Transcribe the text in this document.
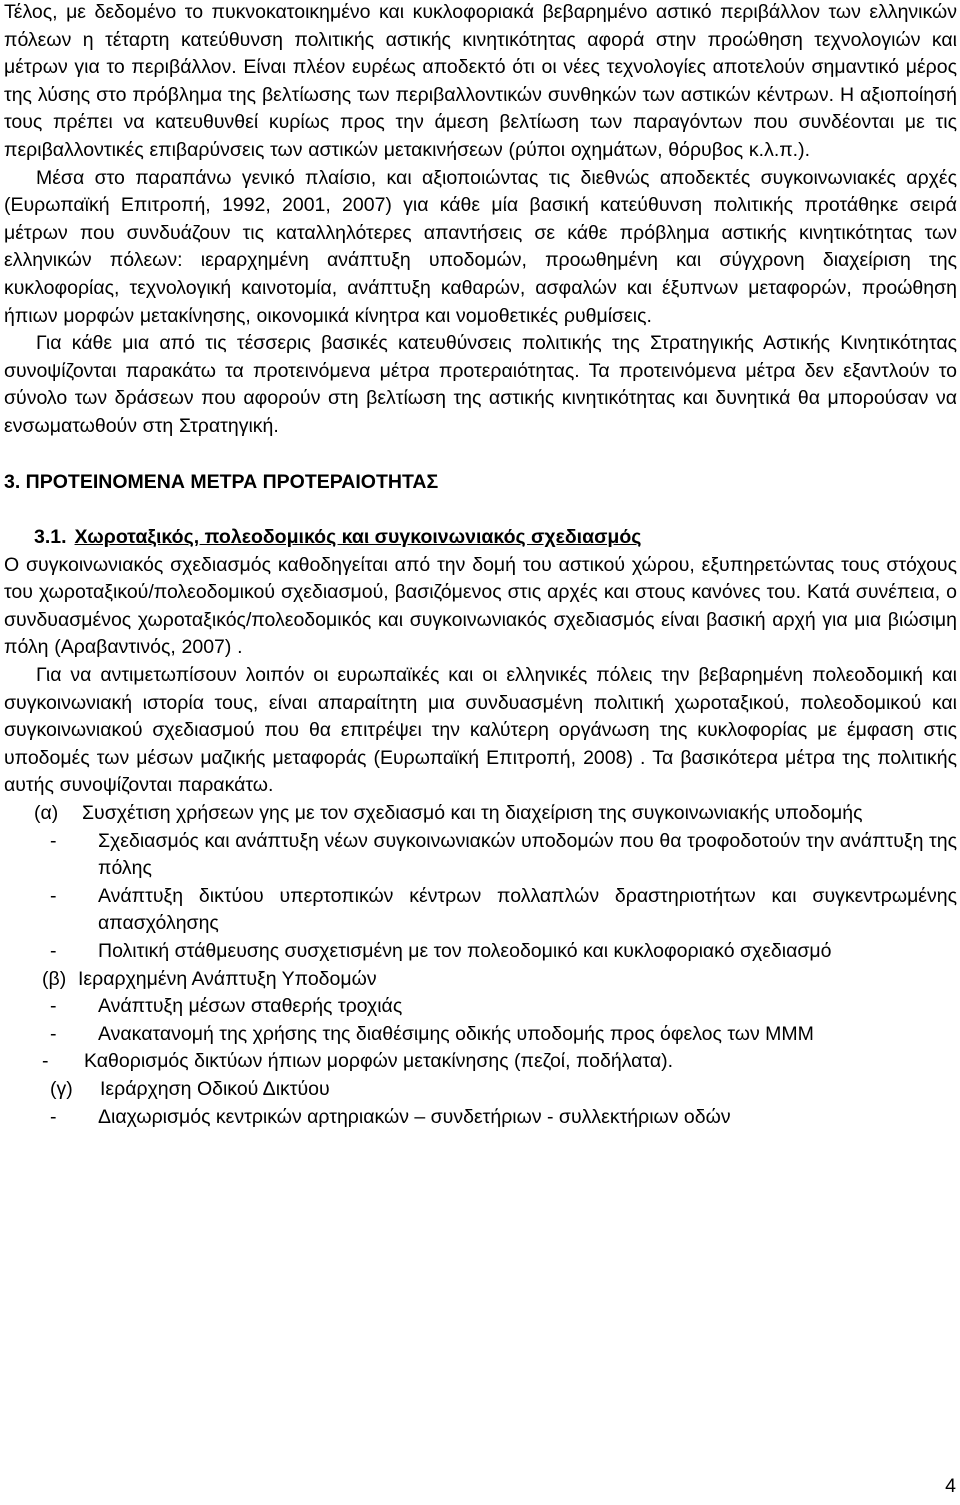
Τέλος, με δεδομένο το πυκνοκατοικημένο και κυκλοφοριακά βεβαρημένο αστικό περιβάλλον των ελληνικών πόλεων η τέταρτη κατεύθυνση πολιτικής αστικής κινητικότητας αφορά στην προώθηση τεχνολογιών και μέτρων για το περιβάλλον. Είναι πλέον ευρέως αποδεκτό ότι οι νέες τεχνολογίες αποτελούν σημαντικό μέρος της λύσης στο πρόβλημα της βελτίωσης των περιβαλλοντικών συνθηκών των αστικών κέντρων. Η αξιοποίησή τους πρέπει να κατευθυνθεί κυρίως προς την άμεση βελτίωση των παραγόντων που συνδέονται με τις περιβαλλοντικές επιβαρύνσεις των αστικών μετακινήσεων (ρύποι οχημάτων, θόρυβος κ.λ.π.).

Μέσα στο παραπάνω γενικό πλαίσιο, και αξιοποιώντας τις διεθνώς αποδεκτές συγκοινωνιακές αρχές (Ευρωπαϊκή Επιτροπή, 1992, 2001, 2007) για κάθε μία βασική κατεύθυνση πολιτικής προτάθηκε σειρά μέτρων που συνδυάζουν τις καταλληλότερες απαντήσεις σε κάθε πρόβλημα αστικής κινητικότητας των ελληνικών πόλεων: ιεραρχημένη ανάπτυξη υποδομών, προωθημένη και σύγχρονη διαχείριση της κυκλοφορίας, τεχνολογική καινοτομία, ανάπτυξη καθαρών, ασφαλών και έξυπνων μεταφορών, προώθηση ήπιων μορφών μετακίνησης, οικονομικά κίνητρα και νομοθετικές ρυθμίσεις.

Για κάθε μια από τις τέσσερις βασικές κατευθύνσεις πολιτικής της Στρατηγικής Αστικής Κινητικότητας συνοψίζονται παρακάτω τα προτεινόμενα μέτρα προτεραιότητας. Τα προτεινόμενα μέτρα δεν εξαντλούν το σύνολο των δράσεων που αφορούν στη βελτίωση της αστικής κινητικότητας και δυνητικά θα μπορούσαν να ενσωματωθούν στη Στρατηγική.

3. ΠΡΟΤΕΙΝΟΜΕΝΑ ΜΕΤΡΑ ΠΡΟΤΕΡΑΙΟΤΗΤΑΣ
3.1. Χωροταξικός, πολεοδομικός και συγκοινωνιακός σχεδιασμός

Ο συγκοινωνιακός σχεδιασμός καθοδηγείται από την δομή του αστικού χώρου, εξυπηρετώντας τους στόχους του χωροταξικού/πολεοδομικού σχεδιασμού, βασιζόμενος στις αρχές και στους κανόνες του. Κατά συνέπεια, ο συνδυασμένος χωροταξικός/πολεοδομικός και συγκοινωνιακός σχεδιασμός είναι βασική αρχή για μια βιώσιμη πόλη (Αραβαντινός, 2007) .

Για να αντιμετωπίσουν λοιπόν οι ευρωπαϊκές και οι ελληνικές πόλεις την βεβαρημένη πολεοδομική και συγκοινωνιακή ιστορία τους, είναι απαραίτητη μια συνδυασμένη πολιτική χωροταξικού, πολεοδομικού και συγκοινωνιακού σχεδιασμού που θα επιτρέψει την καλύτερη οργάνωση της κυκλοφορίας με έμφαση στις υποδομές των μέσων μαζικής μεταφοράς (Ευρωπαϊκή Επιτροπή, 2008) . Τα βασικότερα μέτρα της πολιτικής αυτής συνοψίζονται παρακάτω.

(α)	Συσχέτιση χρήσεων γης με τον σχεδιασμό και τη διαχείριση της συγκοινωνιακής υποδομής
-	Σχεδιασμός και ανάπτυξη νέων συγκοινωνιακών υποδομών που θα τροφοδοτούν την ανάπτυξη της πόλης
-	Ανάπτυξη δικτύου υπερτοπικών κέντρων πολλαπλών δραστηριοτήτων και συγκεντρωμένης απασχόλησης
-	Πολιτική στάθμευσης συσχετισμένη με τον πολεοδομικό και κυκλοφοριακό σχεδιασμό
(β) Ιεραρχημένη Ανάπτυξη Υποδομών
-	Ανάπτυξη μέσων σταθερής τροχιάς
-	Ανακατανομή της χρήσης της διαθέσιμης οδικής υποδομής προς όφελος των ΜΜΜ
-	Καθορισμός δικτύων ήπιων μορφών μετακίνησης (πεζοί, ποδήλατα).
(γ)	Ιεράρχηση Οδικού Δικτύου
-	Διαχωρισμός κεντρικών αρτηριακών – συνδετήριων - συλλεκτήριων οδών
4
